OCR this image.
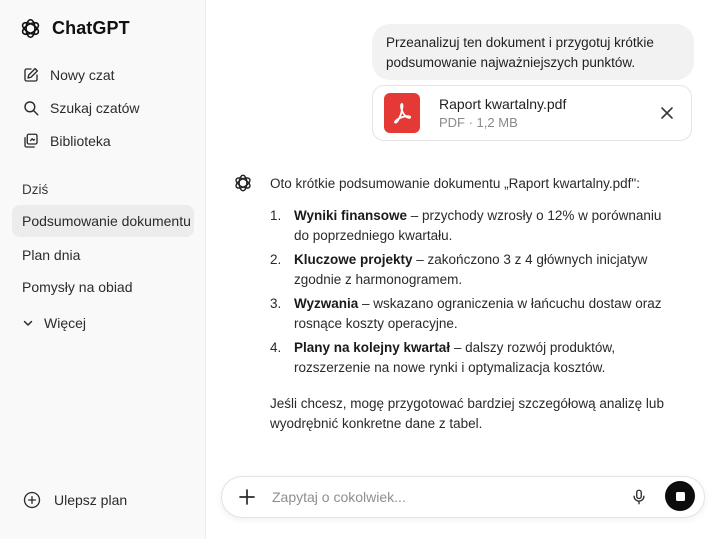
ChatGPT
Nowy czat
Szukaj czatów
Biblioteka
Dziś
Podsumowanie dokumentu
Plan dnia
Pomysły na obiad
Więcej
Ulepsz plan
Przeanalizuj ten dokument i przygotuj krótkie podsumowanie najważniejszych punktów.
Raport kwartalny.pdf
PDF · 1,2 MB

Oto krótkie podsumowanie dokumentu „Raport kwartalny.pdf":

1. Wyniki finansowe – przychody wzrosły o 12% w porównaniu do poprzedniego kwartału.
2. Kluczowe projekty – zakończono 3 z 4 głównych inicjatyw zgodnie z harmonogramem.
3. Wyzwania – wskazano ograniczenia w łańcuchu dostaw oraz rosnące koszty operacyjne.
4. Plany na kolejny kwartał – dalszy rozwój produktów, rozszerzenie na nowe rynki i optymalizacja kosztów.

Jeśli chcesz, mogę przygotować bardziej szczegółową analizę lub wyodrębnić konkretne dane z tabel.

Zapytaj o cokolwiek...
